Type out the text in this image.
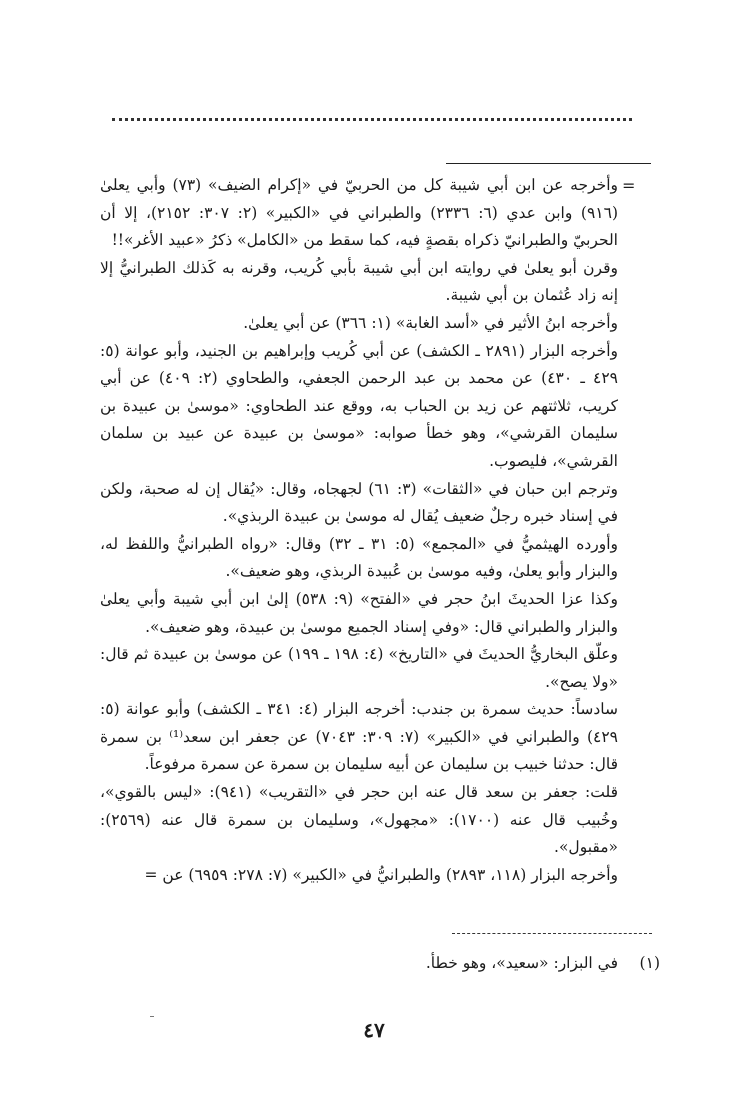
=

وأخرجه عن ابن أبي شيبة كل من الحربيّ في «إكرام الضيف» (٧٣) وأبي يعلىٰ (٩١٦) وابن عدي (٦: ٢٣٣٦) والطبراني في «الكبير» (٢: ٣٠٧: ٢١٥٢)، إلا أن الحربيّ والطبرانيّ ذكراه بقصةٍ فيه، كما سقط من «الكامل» ذكرُ «عبيد الأغر»!!

وقرن أبو يعلىٰ في روايته ابن أبي شيبة بأبي كُريب، وقرنه به كَذلك الطبرانيُّ إلا إنه زاد عُثمان بن أبي شيبة.

وأخرجه ابنُ الأثير في «أسد الغابة» (١: ٣٦٦) عن أبي يعلىٰ.

وأخرجه البزار (٢٨٩١ ـ الكشف) عن أبي كُريب وإبراهيم بن الجنيد، وأبو عوانة (٥: ٤٢٩ ـ ٤٣٠) عن محمد بن عبد الرحمن الجعفي، والطحاوي (٢: ٤٠٩) عن أبي كريب، ثلاثتهم عن زيد بن الحباب به، ووقع عند الطحاوي: «موسىٰ بن عبيدة بن سليمان القرشي»، وهو خطأ صوابه: «موسىٰ بن عبيدة عن عبيد بن سلمان القرشي»، فليصوب.

وترجم ابن حبان في «الثقات» (٣: ٦١) لجهجاه، وقال: «يُقال إن له صحبة، ولكن في إسناد خبره رجلٌ ضعيف يُقال له موسىٰ بن عبيدة الربذي».

وأورده الهيثميُّ في «المجمع» (٥: ٣١ ـ ٣٢) وقال: «رواه الطبرانيُّ واللفظ له، والبزار وأبو يعلىٰ، وفيه موسىٰ بن عُبيدة الربذي، وهو ضعيف».

وكذا عزا الحديثَ ابنُ حجر في «الفتح» (٩: ٥٣٨) إلىٰ ابن أبي شيبة وأبي يعلىٰ والبزار والطبراني قال: «وفي إسناد الجميع موسىٰ بن عبيدة، وهو ضعيف».

وعلّق البخاريُّ الحديثَ في «التاريخ» (٤: ١٩٨ ـ ١٩٩) عن موسىٰ بن عبيدة ثم قال: «ولا يصح».

سادساً: حديث سمرة بن جندب: أخرجه البزار (٤: ٣٤١ ـ الكشف) وأبو عوانة (٥: ٤٢٩) والطبراني في «الكبير» (٧: ٣٠٩: ٧٠٤٣) عن جعفر ابن سعد⁽¹⁾ بن سمرة قال: حدثنا خبيب بن سليمان عن أبيه سليمان بن سمرة عن سمرة مرفوعاً.

قلت: جعفر بن سعد قال عنه ابن حجر في «التقريب» (٩٤١): «ليس بالقوي»، وخُبيب قال عنه (١٧٠٠): «مجهول»، وسليمان بن سمرة قال عنه (٢٥٦٩): «مقبول».

وأخرجه البزار (١١٨، ٢٨٩٣) والطبرانيُّ في «الكبير» (٧: ٢٧٨: ٦٩٥٩) عن =

(١)في البزار: «سعيد»، وهو خطأ.
٤٧
